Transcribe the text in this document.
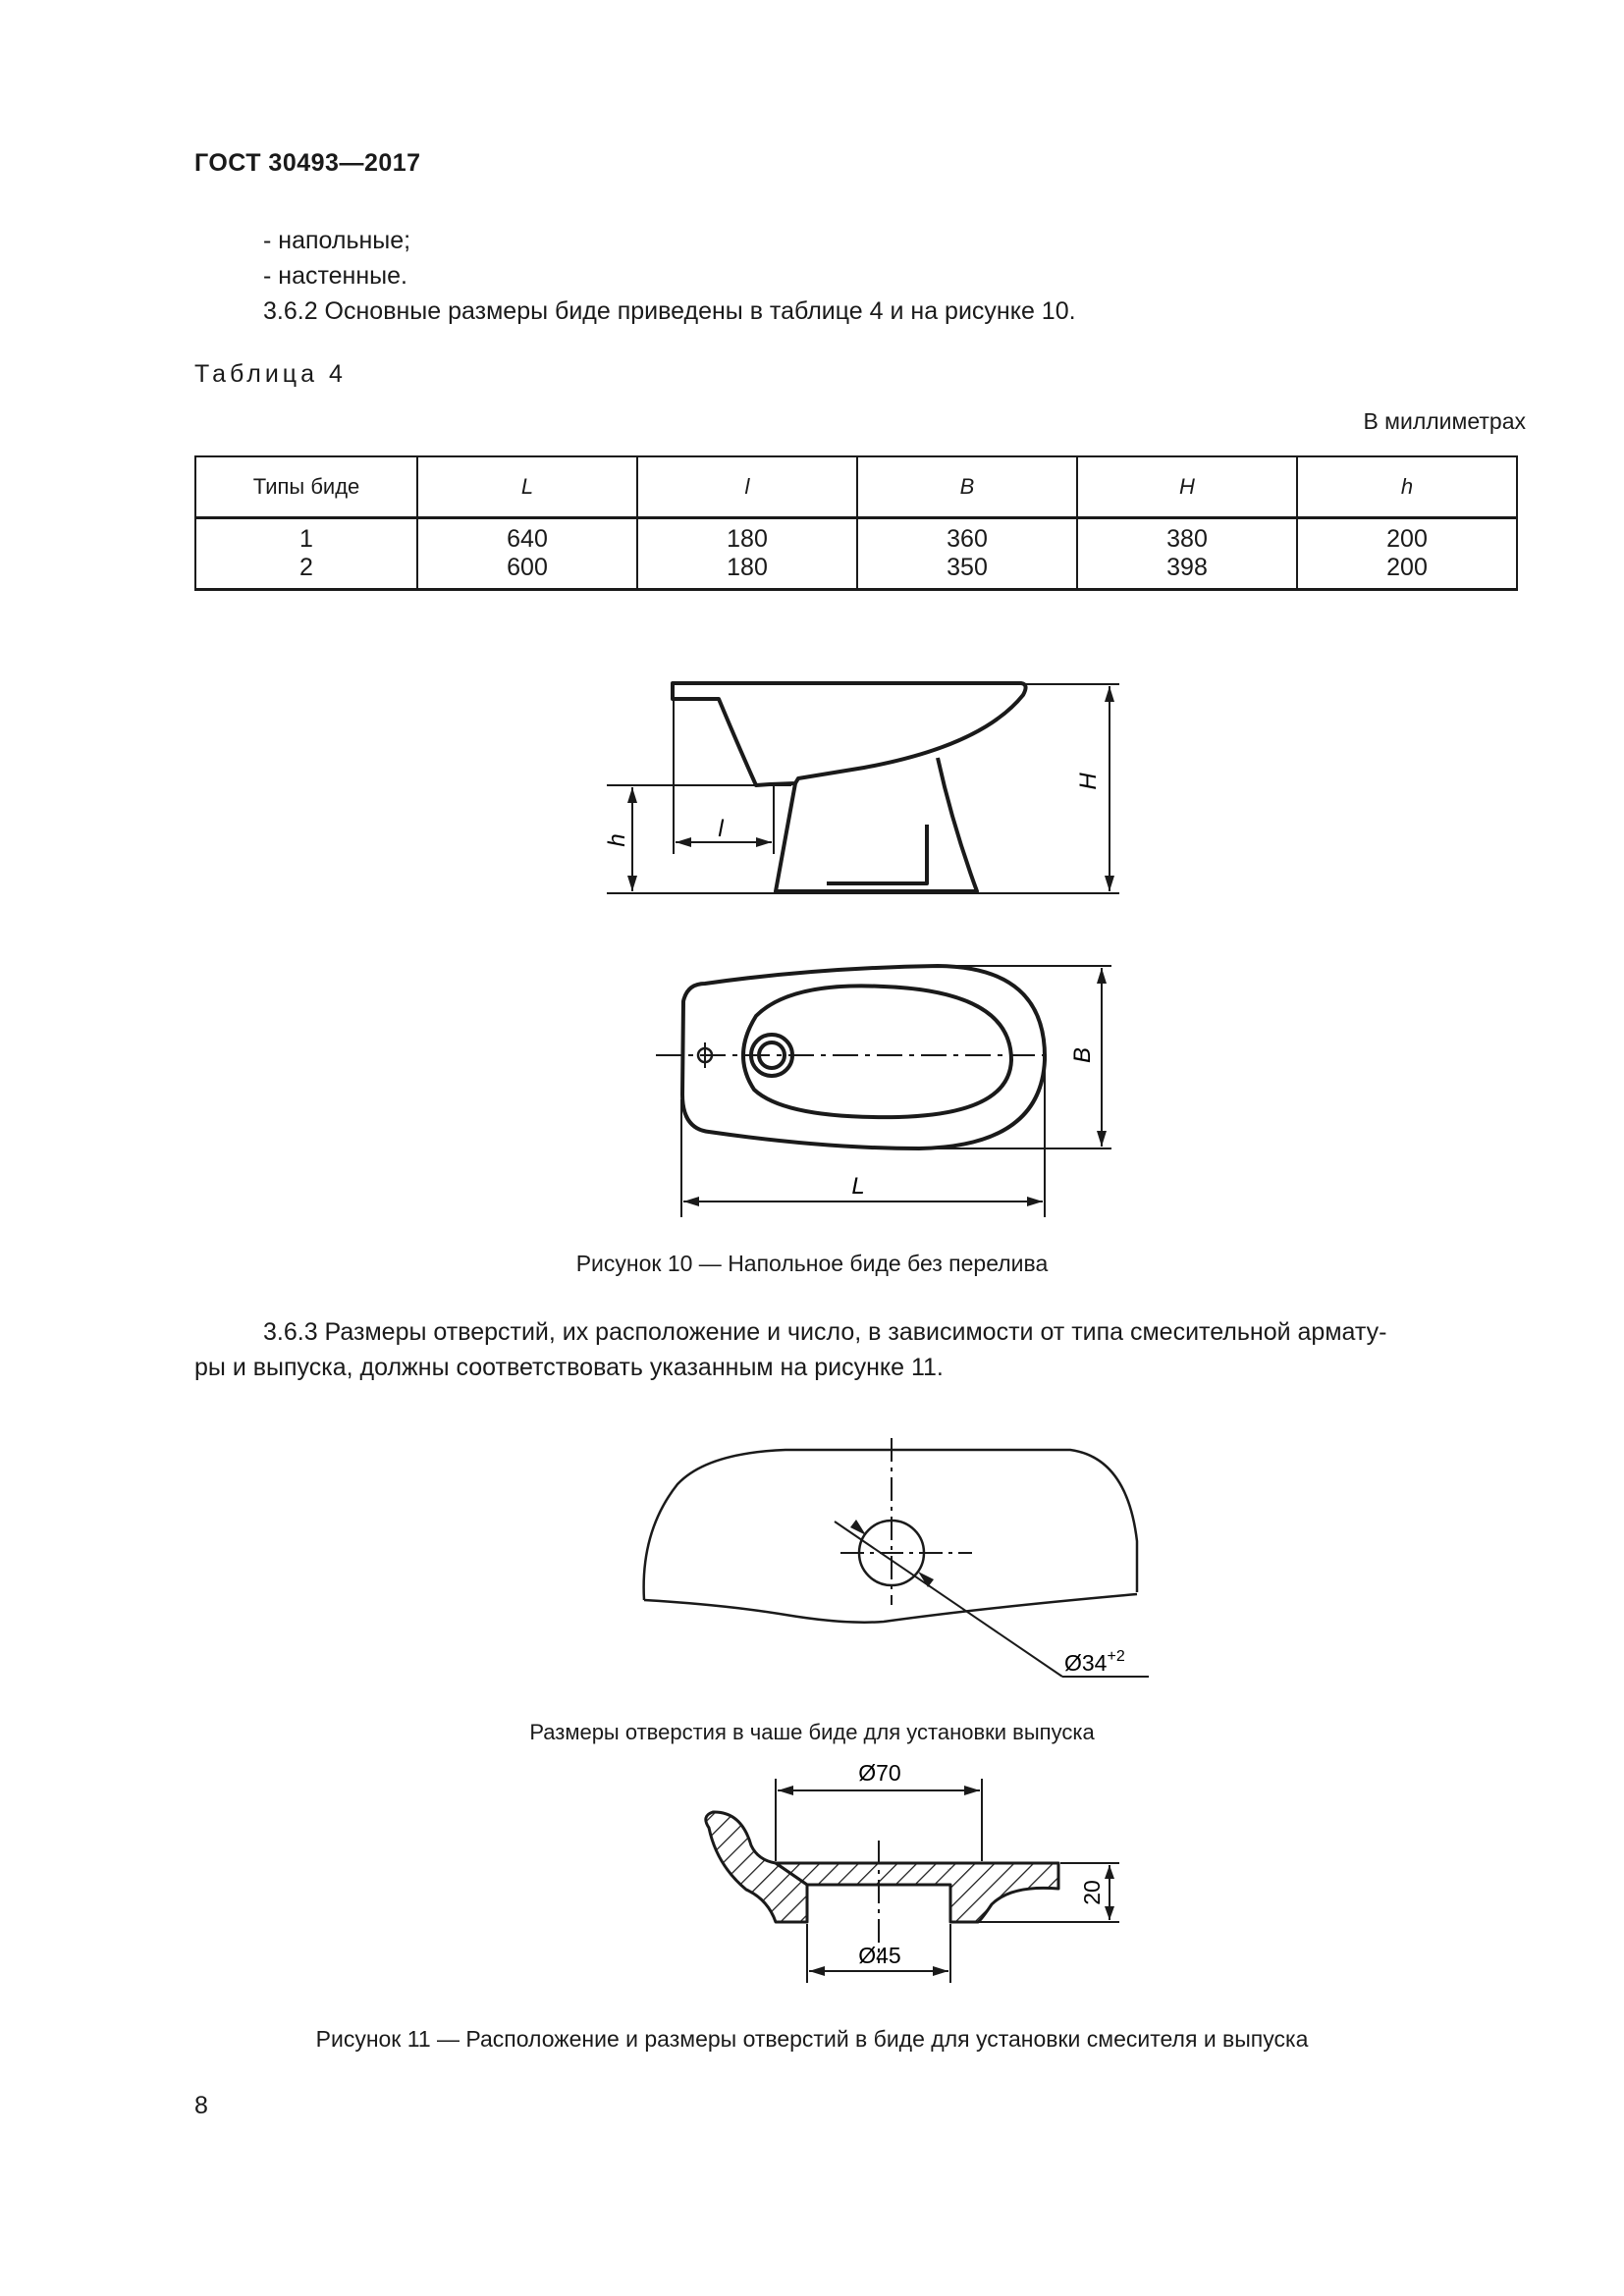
ГОСТ 30493—2017
- напольные;
- настенные.
3.6.2 Основные размеры биде приведены в таблице 4 и на рисунке 10.
Таблица 4
В миллиметрах
Типы биде	L	l	B	H	h
1	640	180	360	380	200
2	600	180	350	398	200
l
h
H
B
L
Рисунок 10 — Напольное биде без перелива
3.6.3 Размеры отверстий, их расположение и число, в зависимости от типа смесительной армату-
ры и выпуска, должны соответствовать указанным на рисунке 11.
$Ø34^{+2}$
Размеры отверстия в чаше биде для установки выпуска
Ø70
Ø45
20
Рисунок 11 — Расположение и размеры отверстий в биде для установки смесителя и выпуска
8
